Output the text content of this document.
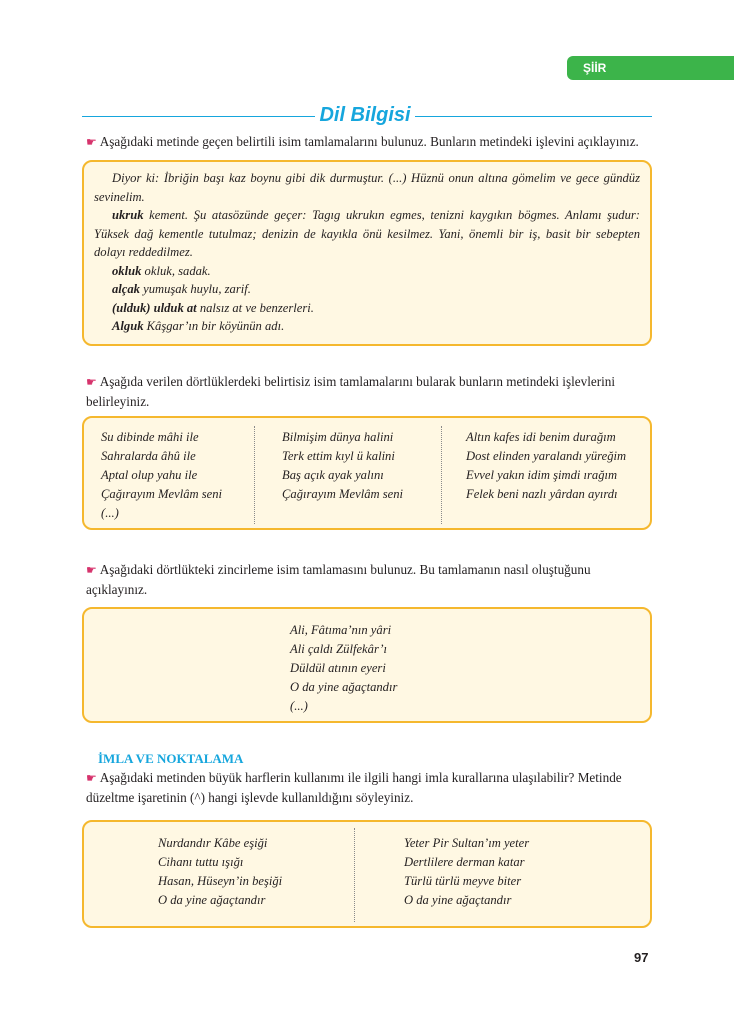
ŞİİR
Dil Bilgisi
☛ Aşağıdaki metinde geçen belirtili isim tamlamalarını bulunuz. Bunların metindeki işlevini açıklayınız.

Diyor ki: İbriğin başı kaz boynu gibi dik durmuştur. (...) Hüznü onun altına gömelim ve gece gündüz sevinelim.

ukruk kement. Şu atasözünde geçer: Tagıg ukrukın egmes, tenizni kaygıkın bögmes. Anlamı şudur: Yüksek dağ kementle tutulmaz; denizin de kayıkla önü kesilmez. Yani, önemli bir iş, basit bir sebepten dolayı reddedilmez.

okluk okluk, sadak.

alçak yumuşak huylu, zarif.

(ulduk) ulduk at nalsız at ve benzerleri.

Alguk Kâşgar’ın bir köyünün adı.

☛ Aşağıda verilen dörtlüklerdeki belirtisiz isim tamlamalarını bularak bunların metindeki işlevlerini belirleyiniz.
Su dibinde mâhi ile
Sahralarda âhû ile
Aptal olup yahu ile
Çağırayım Mevlâm seni
(...)
Bilmişim dünya halini
Terk ettim kıyl ü kalini
Baş açık ayak yalını
Çağırayım Mevlâm seni
Altın kafes idi benim durağım
Dost elinden yaralandı yüreğim
Evvel yakın idim şimdi ırağım
Felek beni nazlı yârdan ayırdı
☛ Aşağıdaki dörtlükteki zincirleme isim tamlamasını bulunuz. Bu tamlamanın nasıl oluştuğunu açıklayınız.
Ali, Fâtıma’nın yâri
Ali çaldı Zülfekâr’ı
Düldül atının eyeri
O da yine ağaçtandır
(...)
İMLA VE NOKTALAMA
☛ Aşağıdaki metinden büyük harflerin kullanımı ile ilgili hangi imla kurallarına ulaşılabilir? Metinde düzeltme işaretinin (^) hangi işlevde kullanıldığını söyleyiniz.
Nurdandır Kâbe eşiği
Cihanı tuttu ışığı
Hasan, Hüseyn’in beşiği
O da yine ağaçtandır
Yeter Pir Sultan’ım yeter
Dertlilere derman katar
Türlü türlü meyve biter
O da yine ağaçtandır
97
